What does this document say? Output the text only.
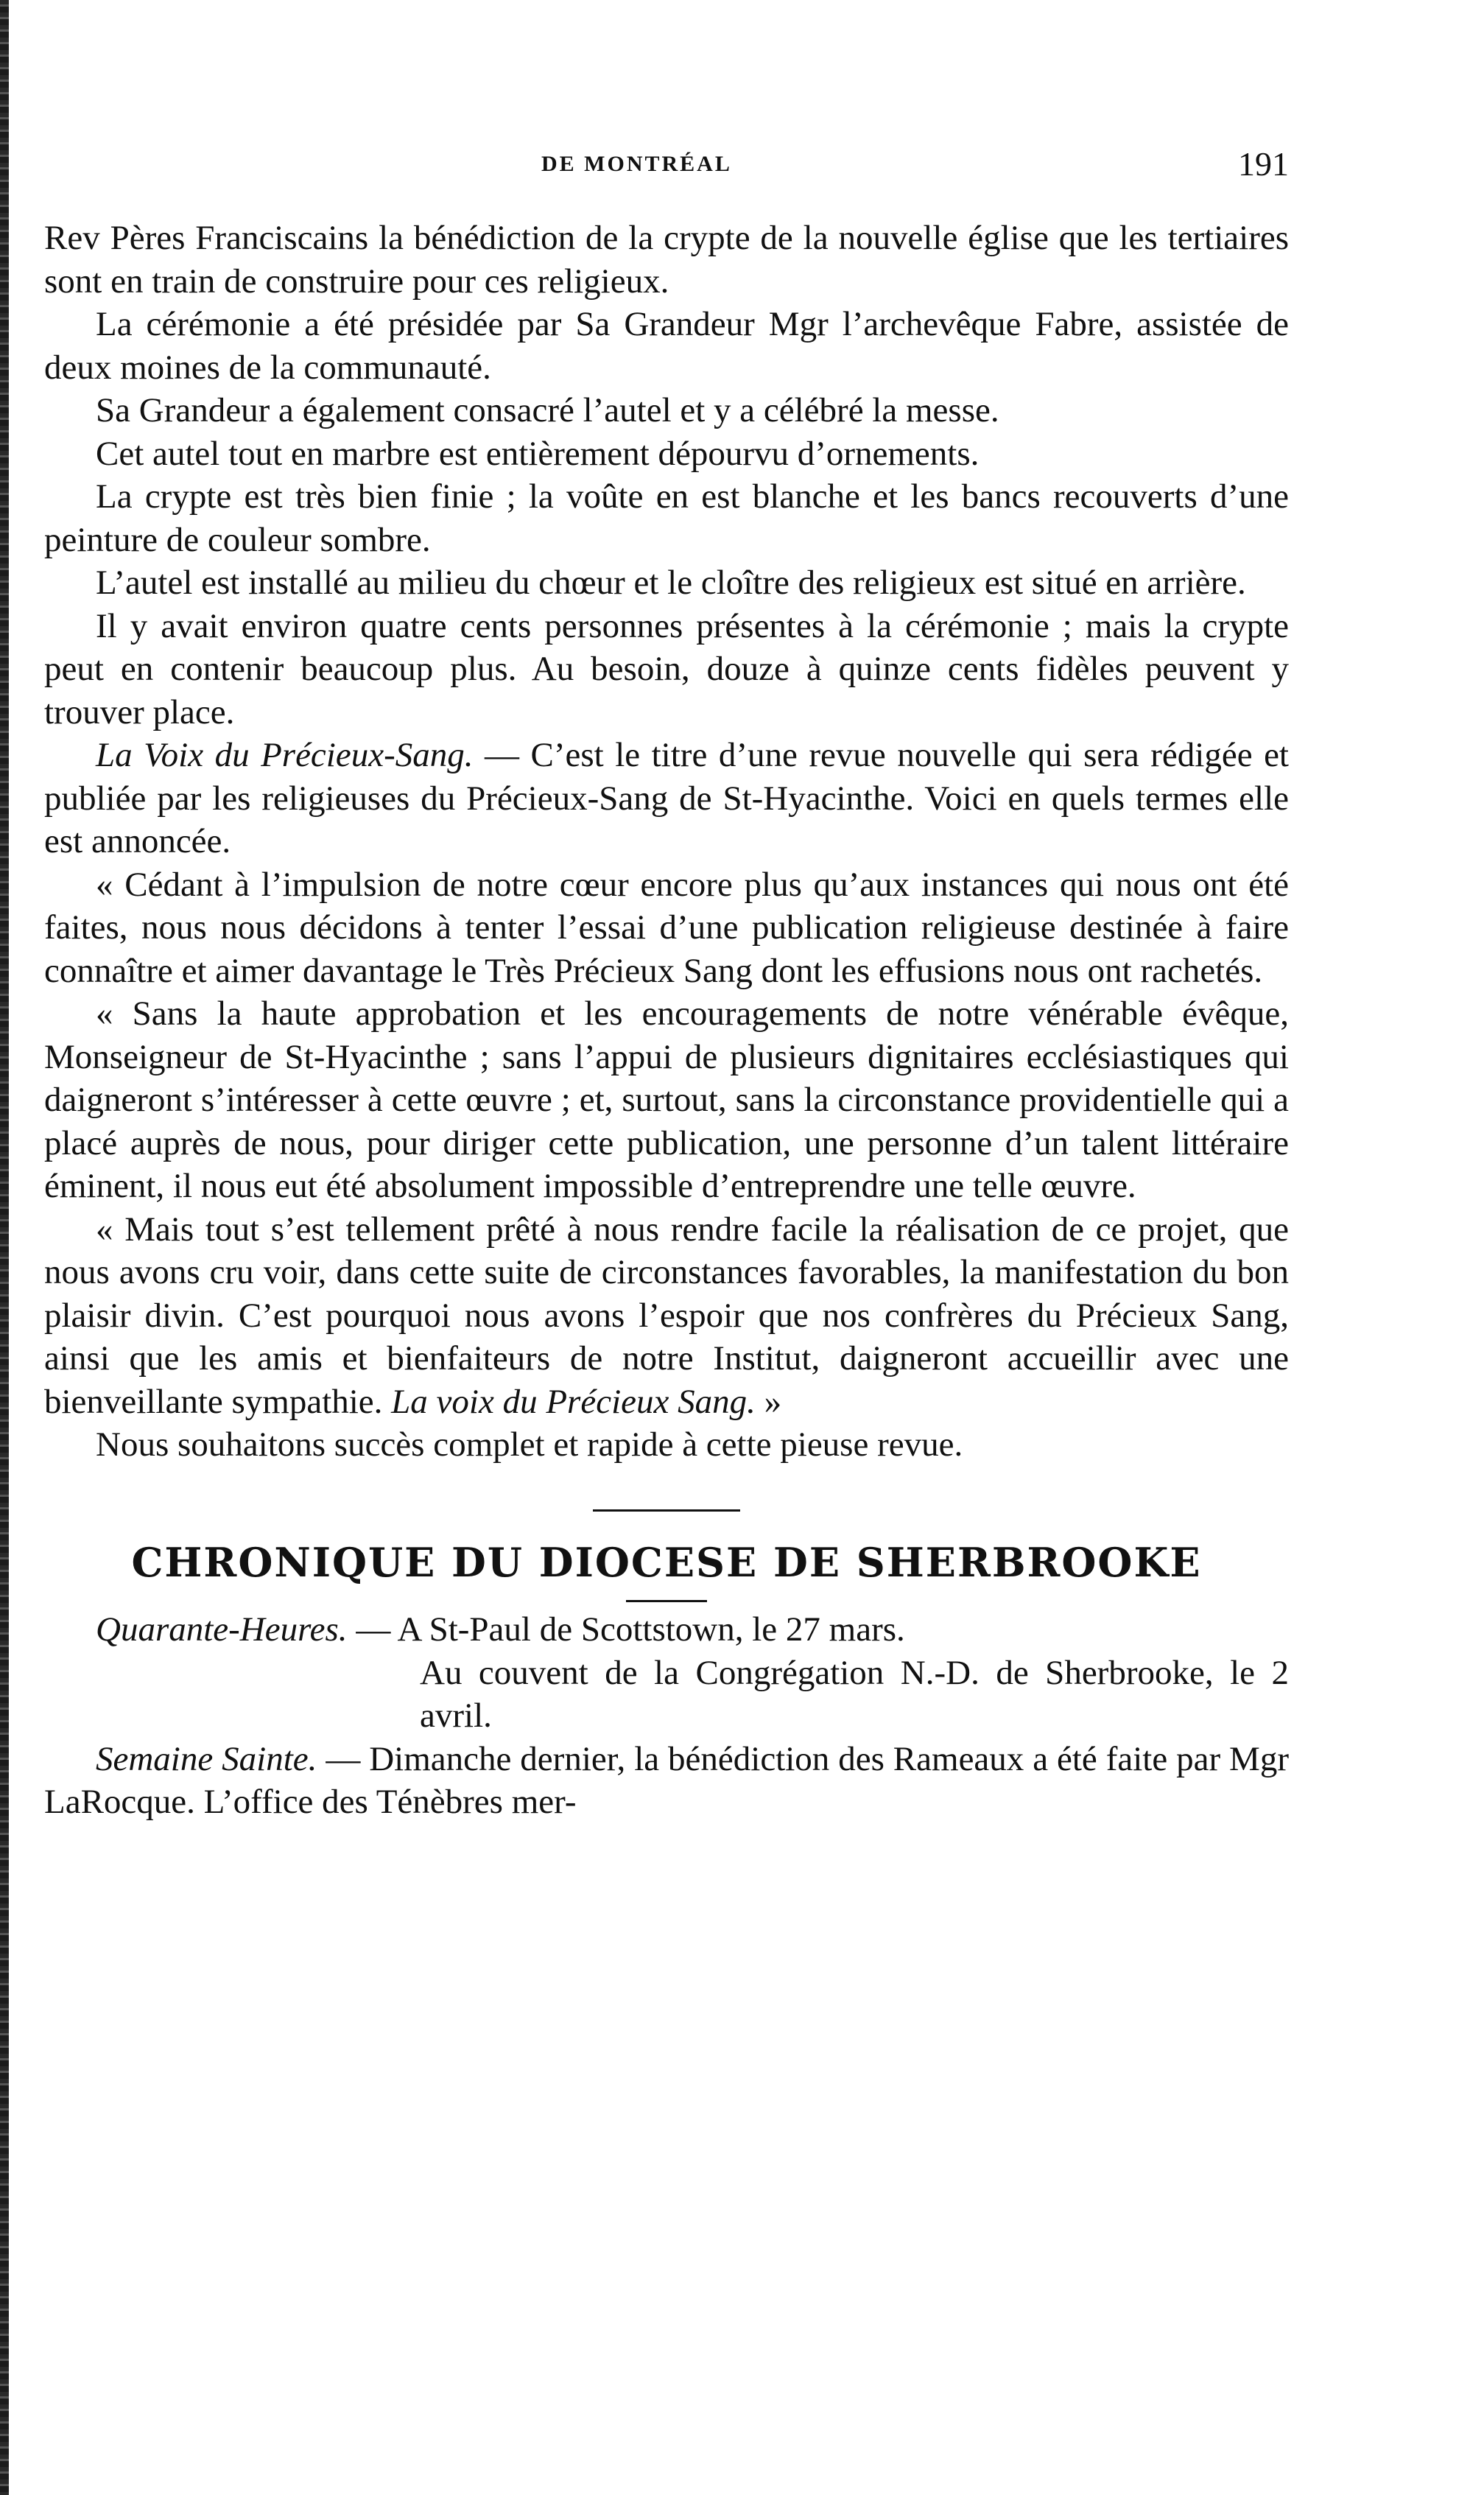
DE MONTRÉAL	191

Rev Pères Franciscains la bénédiction de la crypte de la nouvelle église que les tertiaires sont en train de construire pour ces religieux.

La cérémonie a été présidée par Sa Grandeur Mgr l’archevêque Fabre, assistée de deux moines de la communauté.

Sa Grandeur a également consacré l’autel et y a célébré la messe.

Cet autel tout en marbre est entièrement dépourvu d’ornements.

La crypte est très bien finie ; la voûte en est blanche et les bancs recouverts d’une peinture de couleur sombre.

L’autel est installé au milieu du chœur et le cloître des religieux est situé en arrière.

Il y avait environ quatre cents personnes présentes à la cérémonie ; mais la crypte peut en contenir beaucoup plus. Au besoin, douze à quinze cents fidèles peuvent y trouver place.

La Voix du Précieux-Sang. — C’est le titre d’une revue nouvelle qui sera rédigée et publiée par les religieuses du Précieux-Sang de St-Hyacinthe. Voici en quels termes elle est annoncée.

« Cédant à l’impulsion de notre cœur encore plus qu’aux instances qui nous ont été faites, nous nous décidons à tenter l’essai d’une publication religieuse destinée à faire connaître et aimer davantage le Très Précieux Sang dont les effusions nous ont rachetés.

« Sans la haute approbation et les encouragements de notre vénérable évêque, Monseigneur de St-Hyacinthe ; sans l’appui de plusieurs dignitaires ecclésiastiques qui daigneront s’intéresser à cette œuvre ; et, surtout, sans la circonstance providentielle qui a placé auprès de nous, pour diriger cette publication, une personne d’un talent littéraire éminent, il nous eut été absolument impossible d’entreprendre une telle œuvre.

« Mais tout s’est tellement prêté à nous rendre facile la réalisation de ce projet, que nous avons cru voir, dans cette suite de circonstances favorables, la manifestation du bon plaisir divin. C’est pourquoi nous avons l’espoir que nos confrères du Précieux Sang, ainsi que les amis et bienfaiteurs de notre Institut, daigneront accueillir avec une bienveillante sympathie. La voix du Précieux Sang. »

Nous souhaitons succès complet et rapide à cette pieuse revue.

CHRONIQUE DU DIOCESE DE SHERBROOKE

Quarante-Heures. — A St-Paul de Scottstown, le 27 mars.

Au couvent de la Congrégation N.-D. de Sherbrooke, le 2 avril.

Semaine Sainte. — Dimanche dernier, la bénédiction des Rameaux a été faite par Mgr LaRocque. L’office des Ténèbres mer-
